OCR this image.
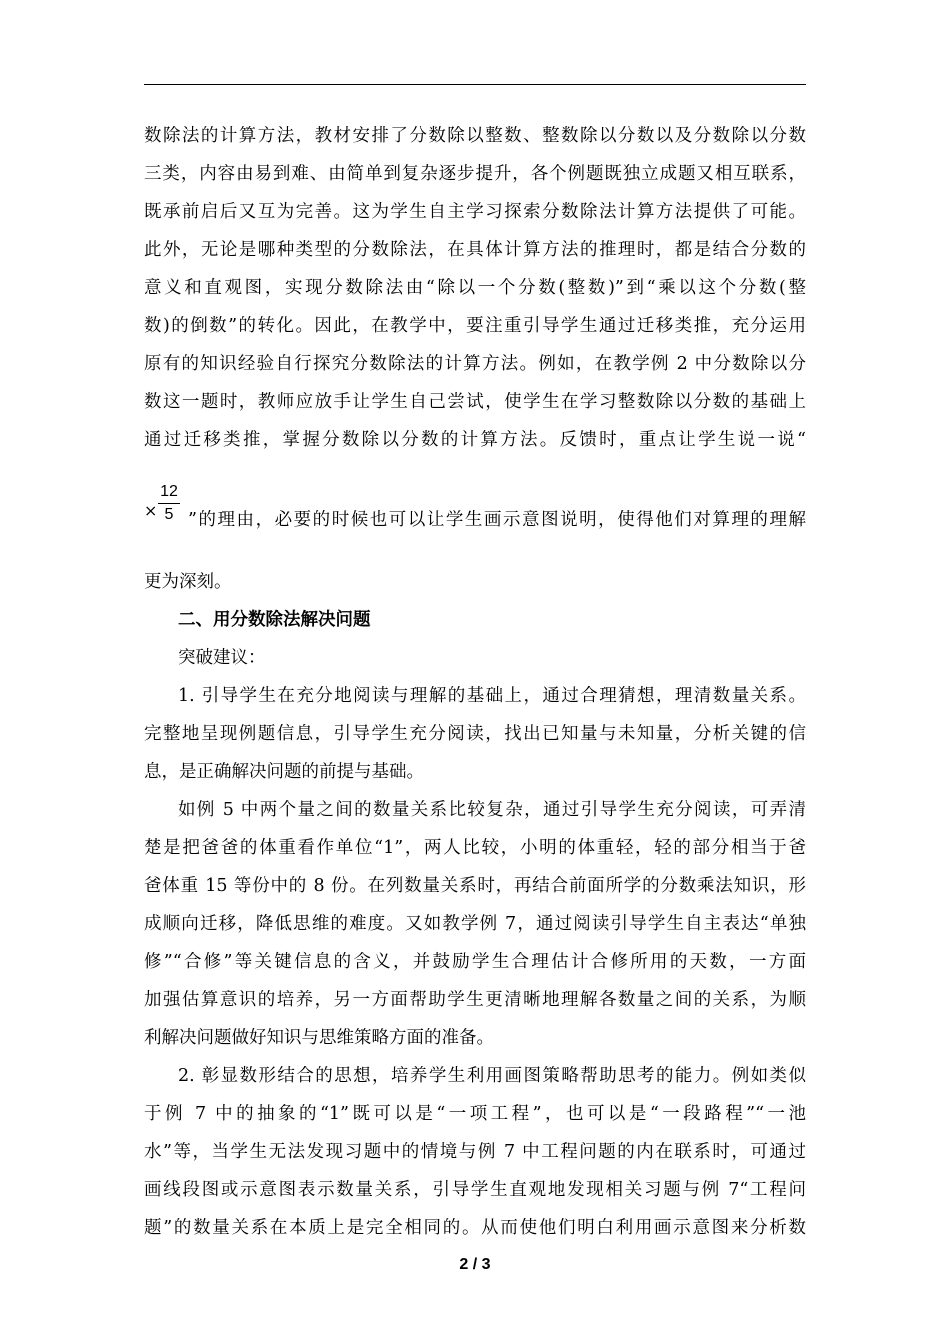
数除法的计算方法，教材安排了分数除以整数、整数除以分数以及分数除以分数
三类，内容由易到难、由简单到复杂逐步提升，各个例题既独立成题又相互联系，
既承前启后又互为完善。这为学生自主学习探索分数除法计算方法提供了可能。
此外，无论是哪种类型的分数除法，在具体计算方法的推理时，都是结合分数的
意义和直观图，实现分数除法由“除以一个分数(整数)”到“乘以这个分数(整
数)的倒数”的转化。因此，在教学中，要注重引导学生通过迁移类推，充分运用
原有的知识经验自行探究分数除法的计算方法。例如，在教学例 2 中分数除以分
数这一题时，教师应放手让学生自己尝试，使学生在学习整数除以分数的基础上
通过迁移类推，掌握分数除以分数的计算方法。反馈时，重点让学生说一说“
×
12
5 ”的理由，必要的时候也可以让学生画示意图说明，使得他们对算理的理解
更为深刻。
二、用分数除法解决问题
突破建议：
1. 引导学生在充分地阅读与理解的基础上，通过合理猜想，理清数量关系。
完整地呈现例题信息，引导学生充分阅读，找出已知量与未知量，分析关键的信
息，是正确解决问题的前提与基础。
如例 5 中两个量之间的数量关系比较复杂，通过引导学生充分阅读，可弄清
楚是把爸爸的体重看作单位“1”，两人比较，小明的体重轻，轻的部分相当于爸
爸体重 15 等份中的 8 份。在列数量关系时，再结合前面所学的分数乘法知识，形
成顺向迁移，降低思维的难度。又如教学例 7，通过阅读引导学生自主表达“单独
修”“合修”等关键信息的含义，并鼓励学生合理估计合修所用的天数，一方面
加强估算意识的培养，另一方面帮助学生更清晰地理解各数量之间的关系，为顺
利解决问题做好知识与思维策略方面的准备。
2. 彰显数形结合的思想，培养学生利用画图策略帮助思考的能力。例如类似
于例 7 中的抽象的“1”既可以是“一项工程”，也可以是“一段路程”“一池
水”等，当学生无法发现习题中的情境与例 7 中工程问题的内在联系时，可通过
画线段图或示意图表示数量关系，引导学生直观地发现相关习题与例 7“工程问
题”的数量关系在本质上是完全相同的。从而使他们明白利用画示意图来分析数
2 / 3
